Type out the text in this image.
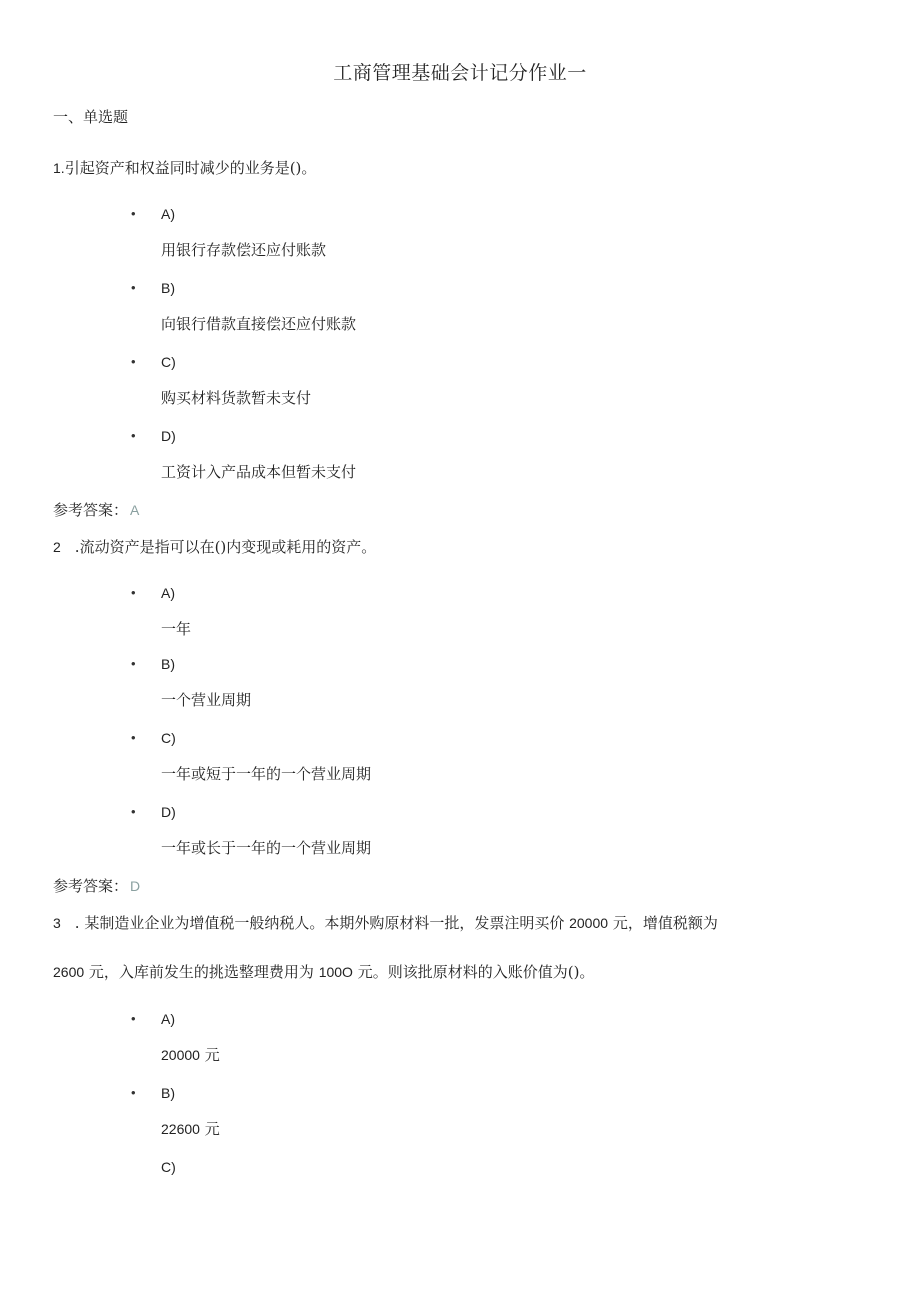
工商管理基础会计记分作业一
一、单选题
1.引起资产和权益同时减少的业务是()。
• A)
用银行存款偿还应付账款
• B)
向银行借款直接偿还应付账款
• C)
购买材料货款暂未支付
• D)
工资计入产品成本但暂未支付
参考答案： A
2 .流动资产是指可以在()内变现或耗用的资产。
• A)
一年
• B)
一个营业周期
• C)
一年或短于一年的一个营业周期
• D)
一年或长于一年的一个营业周期
参考答案： D
3 . 某制造业企业为增值税一般纳税人。本期外购原材料一批，发票注明买价 20000 元，增值税额为
2600 元，入库前发生的挑选整理费用为 100O 元。则该批原材料的入账价值为()。
• A)
20000 元
• B)
22600 元
C)
